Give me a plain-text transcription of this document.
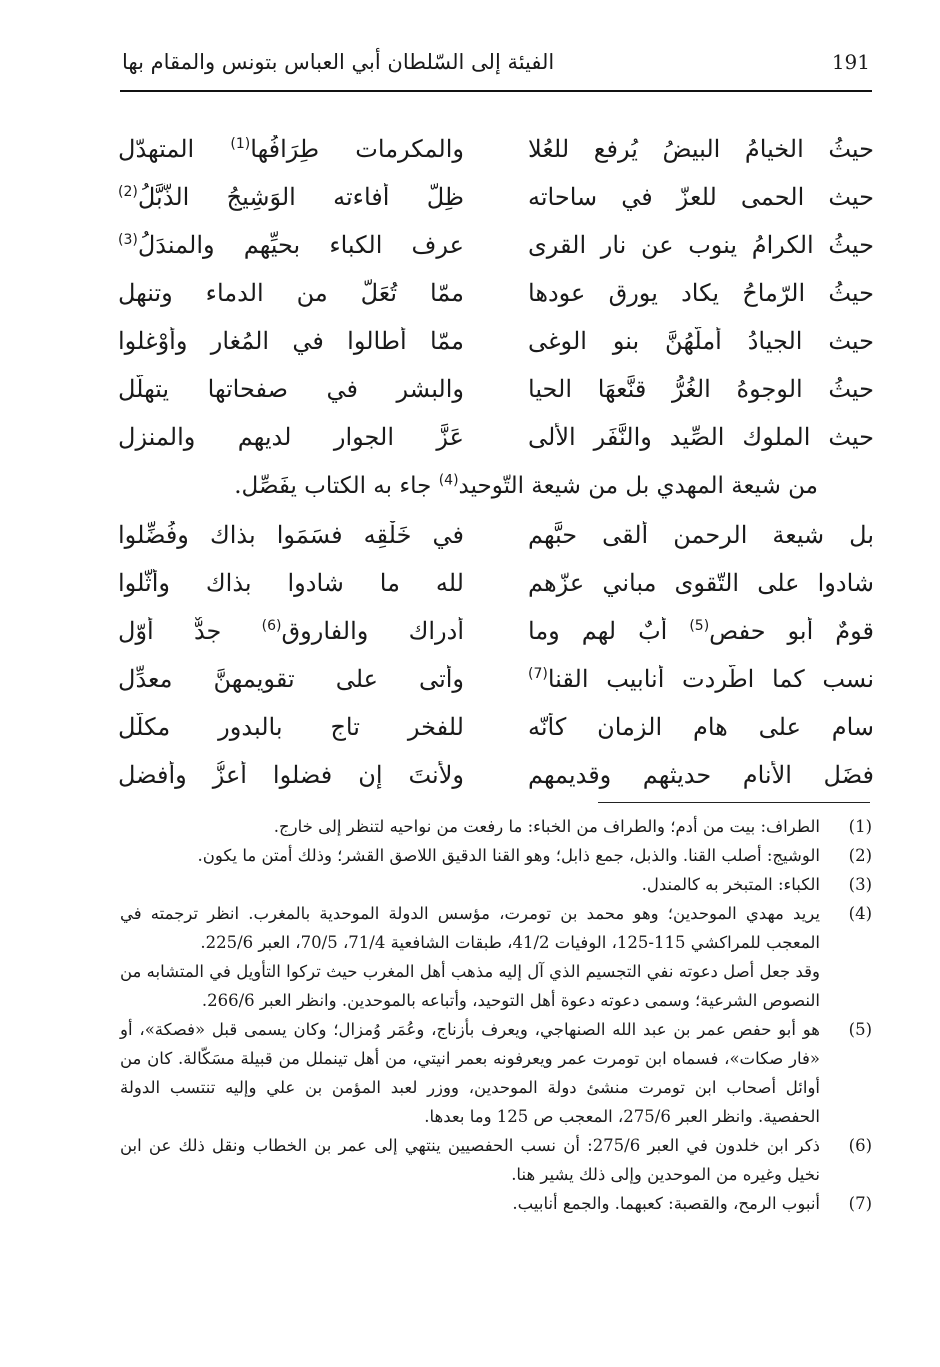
الفيئة إلى السّلطان أبي العباس بتونس والمقام بها	191
حيثُ الخيامُ البيضُ يُرفع للعُلا
والمكرمات طِرَافُها$^{(1)}$ المتهدّل
حيث الحمى للعزّ في ساحاته
ظِلٌّ أفاءته الوَشِيجُ الذُّبَّلُ$^{(2)}$
حيثُ الكرامُ ينوب عن نار القرى
عرف الكباء بحيِّهم والمندَلُ$^{(3)}$
حيثُ الرّماحُ يكاد يورق عودها
ممّا تُعَلُّ من الدماء وتنهل
حيث الجيادُ أملَّهُنَّ بنو الوغى
ممّا أطالوا في المُغار وأوْغلوا
حيثُ الوجوهُ الغُرُّ قنَّعهَا الحيا
والبشر في صفحاتها يتهلّل
حيث الملوك الصِّيد والنَّفَر الألى
عَزَّ الجوار لديهم والمنزل
من شيعة المهدي بل من شيعة التّوحيد$^{(4)}$ جاء به الكتاب يفَصِّل.
بل شيعة الرحمن ألقى حبَّهم
في خَلْقِه فسَمَوا بذاك وفُضِّلوا
شادوا على التّقوى مباني عزّهم
لله ما شادوا بذاك وأثّلوا
قومٌ أبو حفص$^{(5)}$ أبٌ لهم وما
أدراك والفاروق$^{(6)}$ جدٌّ أوّل
نسب كما اطّردت أنابيب القنا$^{(7)}$
وأتى على تقويمهنَّ معدِّل
سام على هامِ الزمان كأنّه
للفخر تاج بالبدور مكلّل
فضَل الأنام حديثهم وقديمهم
ولأنتَ إن فضلوا أعزُّ وأفضل
(1)

الطراف: بيت من أدم؛ والطراف من الخباء: ما رفعت من نواحيه لتنظر إلى خارج.

(2)

الوشيج: أصلب القنا. والذبل، جمع ذابل؛ وهو القنا الدقيق اللاصق القشر؛ وذلك أمتن ما يكون.

(3)

الكباء: المتبخر به كالمندل.

(4)

يريد مهدي الموحدين؛ وهو محمد بن تومرت، مؤسس الدولة الموحدية بالمغرب. انظر ترجمته في المعجب للمراكشي 115-125، الوفيات 41/2، طبقات الشافعية 71/4، 70/5، العبر 225/6.

وقد جعل أصل دعوته نفي التجسيم الذي آل إليه مذهب أهل المغرب حيث تركوا التأويل في المتشابه من النصوص الشرعية؛ وسمى دعوته دعوة أهل التوحيد، وأتباعه بالموحدين. وانظر العبر 266/6.

(5)

هو أبو حفص عمر بن عبد الله الصنهاجي، ويعرف بأزناج، وعُمَر وُمزال؛ وكان يسمى قبل «فصكة»، أو «فار صكات»، فسماه ابن تومرت عمر ويعرفونه بعمر انيتي، من أهل تينملل من قبيلة مسَكّالة. كان من أوائل أصحاب ابن تومرت منشئ دولة الموحدين، ووزر لعبد المؤمن بن علي وإليه تنتسب الدولة الحفصية. وانظر العبر 275/6، المعجب ص 125 وما بعدها.

(6)

ذكر ابن خلدون في العبر 275/6: أن نسب الحفصيين ينتهي إلى عمر بن الخطاب ونقل ذلك عن ابن نخيل وغيره من الموحدين وإلى ذلك يشير هنا.

(7)

أنبوب الرمح، والقصبة: كعبهما. والجمع أنابيب.
